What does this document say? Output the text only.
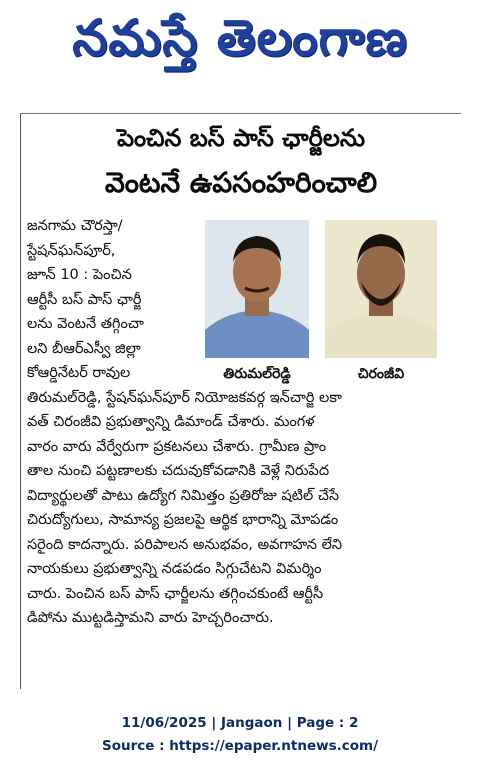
నమస్తే తెలంగాణ
పెంచిన బస్ పాస్ ఛార్జీలను
వెంటనే ఉపసంహరించాలి
తిరుమల్‌రెడ్డి	చిరంజీవి
జనగామ చౌరస్తా/
స్టేషన్‌ఘన్‌పూర్,
జూన్ 10 : పెంచిన
ఆర్టీసీ బస్ పాస్ ఛార్జీ
లను వెంటనే తగ్గించా
లని బీఆర్ఎస్వీ జిల్లా
కోఆర్డినేటర్ రావుల
తిరుమల్‌రెడ్డి, స్టేషన్‌ఘన్‌పూర్ నియోజకవర్గ ఇన్‌చార్జి లకా
వత్ చిరంజీవి ప్రభుత్వాన్ని డిమాండ్ చేశారు. మంగళ
వారం వారు వేర్వేరుగా ప్రకటనలు చేశారు. గ్రామీణ ప్రాం
తాల నుంచి పట్టణాలకు చదువుకోవడానికి వెళ్లే నిరుపేద
విద్యార్థులతో పాటు ఉద్యోగ నిమిత్తం ప్రతిరోజు షటిల్ చేసే
చిరుద్యోగులు, సామాన్య ప్రజలపై ఆర్థిక భారాన్ని మోపడం
సరైంది కాదన్నారు. పరిపాలన అనుభవం, అవగాహన లేని
నాయకులు ప్రభుత్వాన్ని నడపడం సిగ్గుచేటని విమర్శిం
చారు. పెంచిన బస్ పాస్ ఛార్జీలను తగ్గించకుంటే ఆర్టీసీ
డిపోను ముట్టడిస్తామని వారు హెచ్చరించారు.
11/06/2025 | Jangaon | Page : 2
Source : https://epaper.ntnews.com/
